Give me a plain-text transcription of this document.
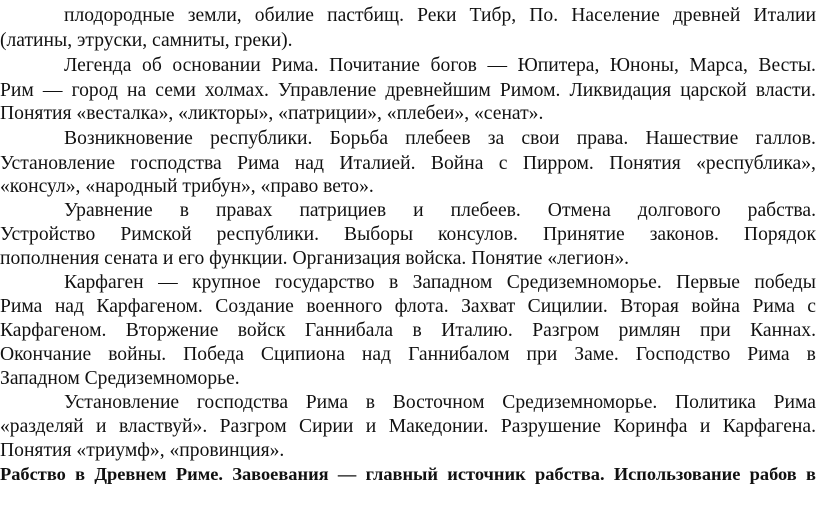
плодородные земли, обилие пастбищ. Реки Тибр, По. Население древней Италии
(латины, этруски, самниты, греки).
Легенда об основании Рима. Почитание богов — Юпитера, Юноны, Марса, Весты.
Рим — город на семи холмах. Управление древнейшим Римом. Ликвидация царской власти.
Понятия «весталка», «ликторы», «патриции», «плебеи», «сенат».
Возникновение республики. Борьба плебеев за свои права. Нашествие галлов.
Установление господства Рима над Италией. Война с Пирром. Понятия «республика»,
«консул», «народный трибун», «право вето».
Уравнение в правах патрициев и плебеев. Отмена долгового рабства.
Устройство Римской республики. Выборы консулов. Принятие законов. Порядок
пополнения сената и его функции. Организация войска. Понятие «легион».
Карфаген — крупное государство в Западном Средиземноморье. Первые победы
Рима над Карфагеном. Создание военного флота. Захват Сицилии. Вторая война Рима с
Карфагеном. Вторжение войск Ганнибала в Италию. Разгром римлян при Каннах.
Окончание войны. Победа Сципиона над Ганнибалом при Заме. Господство Рима в
Западном Средиземноморье.
Установление господства Рима в Восточном Средиземноморье. Политика Рима
«разделяй и властвуй». Разгром Сирии и Македонии. Разрушение Коринфа и Карфагена.
Понятия «триумф», «провинция».
Рабство в Древнем Риме. Завоевания — главный источник рабства. Использование рабов в
